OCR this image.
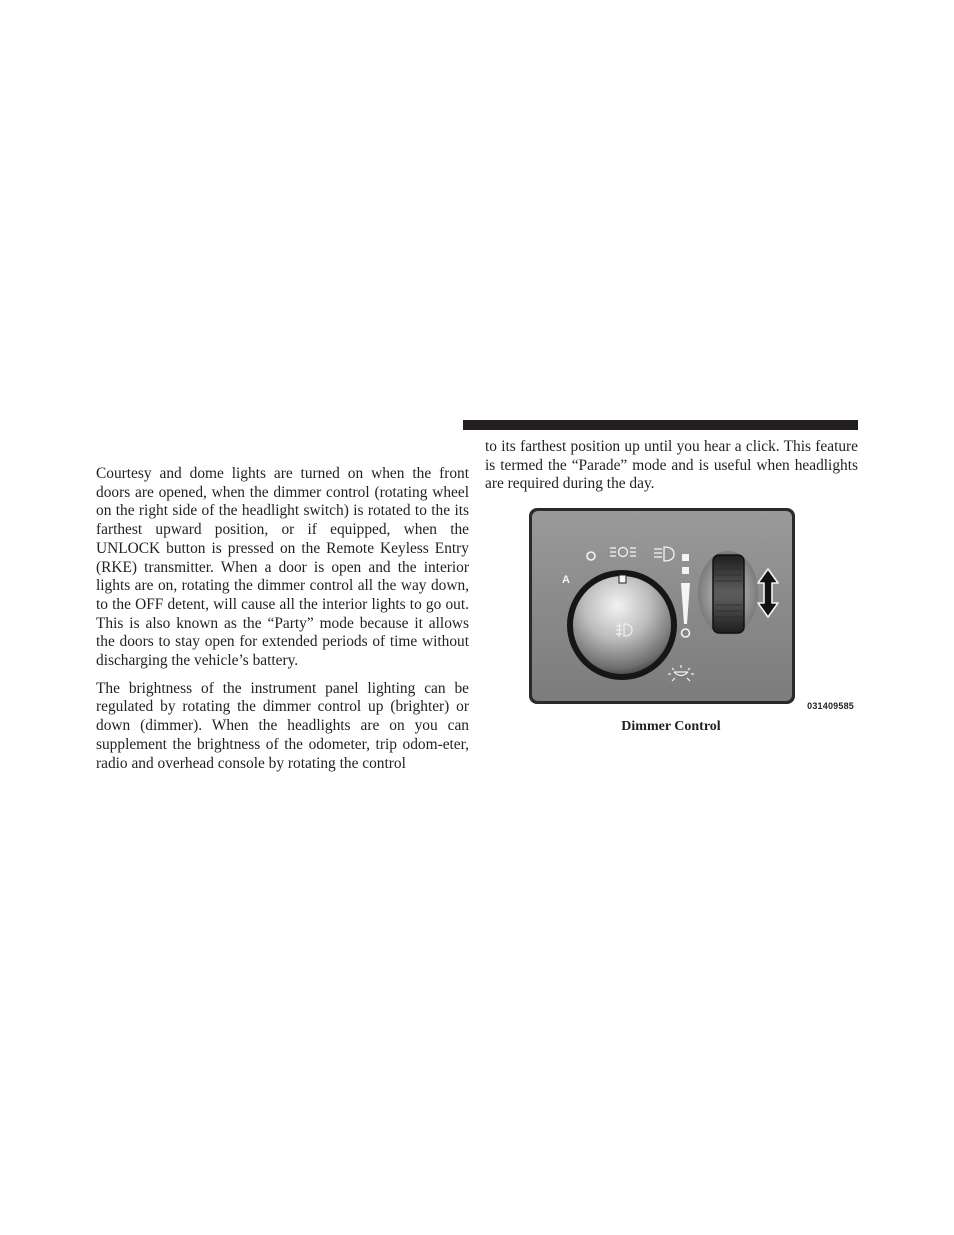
Courtesy and dome lights are turned on when the front doors are opened, when the dimmer control (rotating wheel on the right side of the headlight switch) is rotated to the its farthest upward position, or if equipped, when the UNLOCK button is pressed on the Remote Keyless Entry (RKE) transmitter. When a door is open and the interior lights are on, rotating the dimmer control all the way down, to the OFF detent, will cause all the interior lights to go out. This is also known as the “Party” mode because it allows the doors to stay open for extended periods of time without discharging the vehicle’s battery.

The brightness of the instrument panel lighting can be regulated by rotating the dimmer control up (brighter) or down (dimmer). When the headlights are on you can supplement the brightness of the odometer, trip odom-eter, radio and overhead console by rotating the control

to its farthest position up until you hear a click. This feature is termed the “Parade” mode and is useful when headlights are required during the day.

A
031409585
Dimmer Control
